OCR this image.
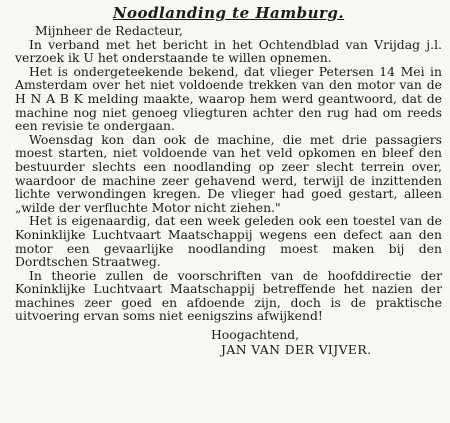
Noodlanding te Hamburg.

Mijnheer de Redacteur,

In verband met het bericht in het Ochtendblad van Vrijdag j.l. verzoek ik U het onderstaande te willen opnemen.

Het is ondergeteekende bekend, dat vlieger Petersen 14 Mei in Amsterdam over het niet voldoende trekken van den motor van de H N A B K melding maakte, waarop hem werd geantwoord, dat de machine nog niet genoeg vliegturen achter den rug had om reeds een revisie te ondergaan.

Woensdag kon dan ook de machine, die met drie passagiers moest starten, niet voldoende van het veld opkomen en bleef den bestuurder slechts een noodlanding op zeer slecht terrein over, waardoor de machine zeer gehavend werd, terwijl de inzittenden lichte verwondingen kregen. De vlieger had goed gestart, alleen „wilde der verfluchte Motor nicht ziehen."

Het is eigenaardig, dat een week geleden ook een toestel van de Koninklijke Luchtvaart Maatschappij wegens een defect aan den motor een gevaarlijke noodlanding moest maken bij den Dordtschen Straatweg.

In theorie zullen de voorschriften van de hoofddirectie der Koninklijke Luchtvaart Maatschappij betreffende het nazien der machines zeer goed en afdoende zijn, doch is de praktische uitvoering ervan soms niet eenigszins afwijkend!

Hoogachtend,
JAN VAN DER VIJVER.
